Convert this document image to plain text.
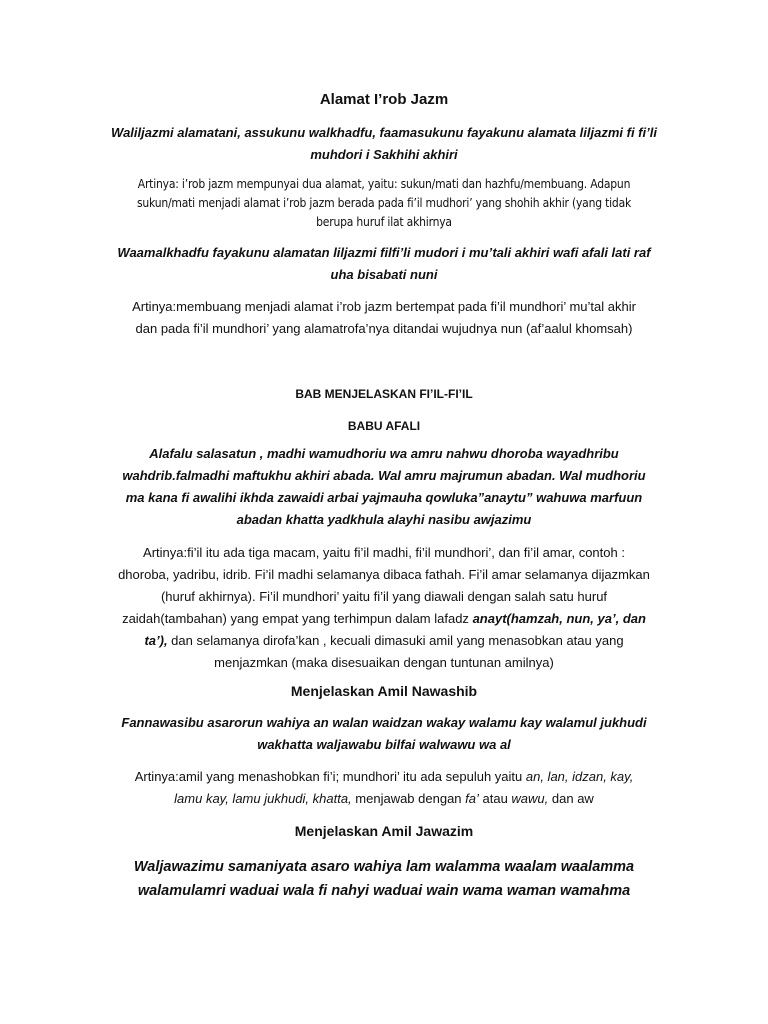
Alamat I’rob Jazm

Waliljazmi alamatani, assukunu walkhadfu, faamasukunu fayakunu alamata liljazmi fi fi’li
muhdori i Sakhihi akhiri
Artinya: i’rob jazm mempunyai dua alamat, yaitu: sukun/mati dan hazhfu/membuang. Adapun
sukun/mati menjadi alamat i’rob jazm berada pada fi’il mudhori’ yang shohih akhir (yang tidak
berupa huruf ilat akhirnya
Waamalkhadfu fayakunu alamatan liljazmi filfi’li mudori i mu’tali akhiri wafi afali lati raf
uha bisabati nuni
Artinya:membuang menjadi alamat i’rob jazm bertempat pada fi’il mundhori’ mu’tal akhir
dan pada fi’il mundhori’ yang alamatrofa’nya ditandai wujudnya nun (af’aalul khomsah)

BAB MENJELASKAN FI’IL-FI’IL

BABU AFALI

Alafalu salasatun , madhi wamudhoriu wa amru nahwu dhoroba wayadhribu
wahdrib.falmadhi maftukhu akhiri abada. Wal amru majrumun abadan. Wal mudhoriu
ma kana fi awalihi ikhda zawaidi arbai yajmauha qowluka”anaytu” wahuwa marfuun
abadan khatta yadkhula alayhi nasibu awjazimu
Artinya:fi’il itu ada tiga macam, yaitu fi’il madhi, fi’il mundhori’, dan fi’il amar, contoh :
dhoroba, yadribu, idrib. Fi’il madhi selamanya dibaca fathah. Fi’il amar selamanya dijazmkan
(huruf akhirnya). Fi’il mundhori’ yaitu fi’il yang diawali dengan salah satu huruf
zaidah(tambahan) yang empat yang terhimpun dalam lafadz anayt(hamzah, nun, ya’, dan
ta’), dan selamanya dirofa’kan , kecuali dimasuki amil yang menasobkan atau yang
menjazmkan (maka disesuaikan dengan tuntunan amilnya)

Menjelaskan Amil Nawashib

Fannawasibu asarorun wahiya an walan waidzan wakay walamu kay walamul jukhudi
wakhatta waljawabu bilfai walwawu wa al
Artinya:amil yang menashobkan fi’i; mundhori’ itu ada sepuluh yaitu an, lan, idzan, kay,
lamu kay, lamu jukhudi, khatta, menjawab dengan fa’ atau wawu, dan aw

Menjelaskan Amil Jawazim

Waljawazimu samaniyata asaro wahiya lam walamma waalam waalamma
walamulamri waduai wala fi nahyi waduai wain wama waman wamahma
